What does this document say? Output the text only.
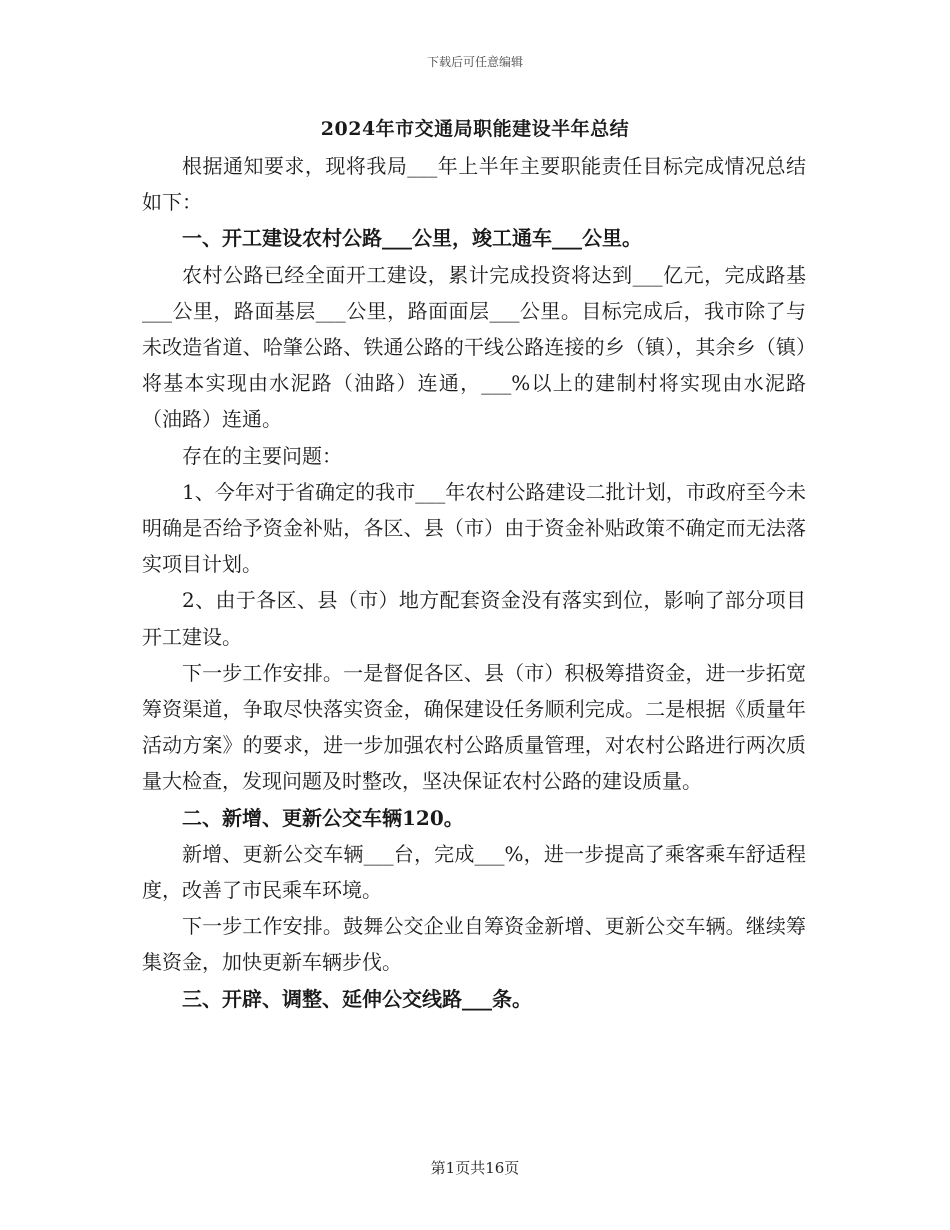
下载后可任意编辑
2024年市交通局职能建设半年总结

根据通知要求，现将我局___年上半年主要职能责任目标完成情况总结如下：

一、开工建设农村公路___公里，竣工通车___公里。

农村公路已经全面开工建设，累计完成投资将达到___亿元，完成路基___公里，路面基层___公里，路面面层___公里。目标完成后，我市除了与未改造省道、哈肇公路、铁通公路的干线公路连接的乡（镇），其余乡（镇）将基本实现由水泥路（油路）连通，___%以上的建制村将实现由水泥路（油路）连通。

存在的主要问题：

1、今年对于省确定的我市___年农村公路建设二批计划，市政府至今未明确是否给予资金补贴，各区、县（市）由于资金补贴政策不确定而无法落实项目计划。

2、由于各区、县（市）地方配套资金没有落实到位，影响了部分项目开工建设。

下一步工作安排。一是督促各区、县（市）积极筹措资金，进一步拓宽筹资渠道，争取尽快落实资金，确保建设任务顺利完成。二是根据《质量年活动方案》的要求，进一步加强农村公路质量管理，对农村公路进行两次质量大检查，发现问题及时整改，坚决保证农村公路的建设质量。

二、新增、更新公交车辆120。

新增、更新公交车辆___台，完成___%，进一步提高了乘客乘车舒适程度，改善了市民乘车环境。

下一步工作安排。鼓舞公交企业自筹资金新增、更新公交车辆。继续筹集资金，加快更新车辆步伐。

三、开辟、调整、延伸公交线路___条。

第1页共16页
